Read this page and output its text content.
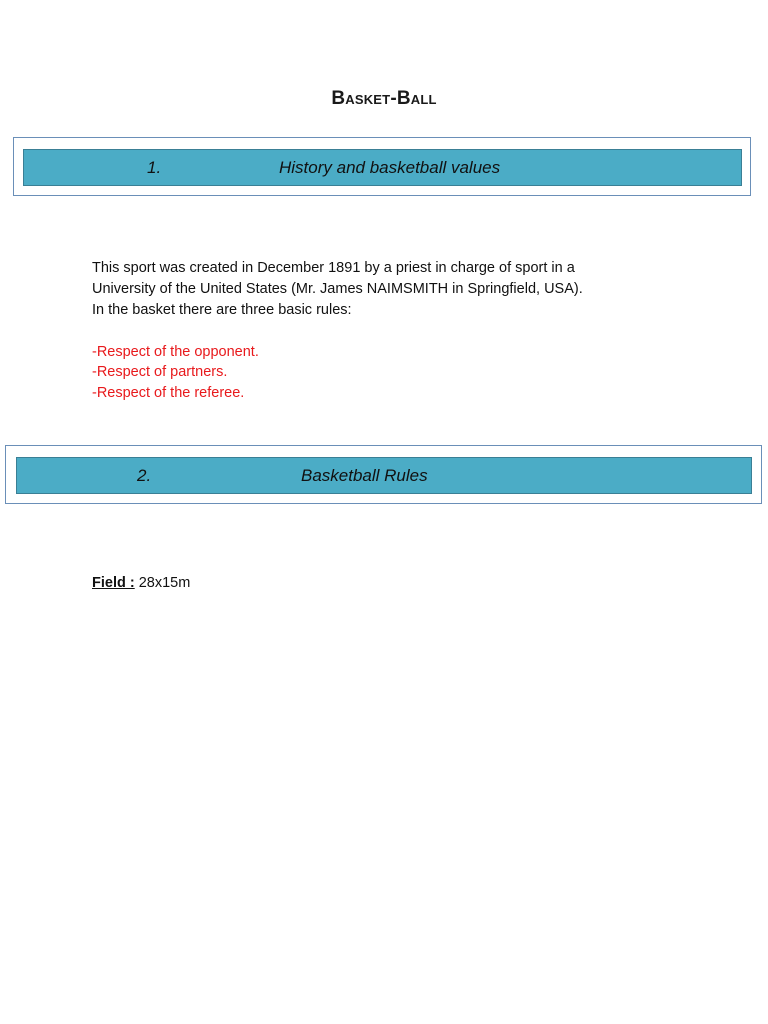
Basket-Ball
1.	History and basketball values

This sport was created in December 1891 by a priest in charge of sport in a

University of the United States (Mr. James NAIMSMITH in Springfield, USA).

In the basket there are three basic rules:

-Respect of the opponent.

-Respect of partners.

-Respect of the referee.

2.	Basketball Rules
Field : 28x15m
